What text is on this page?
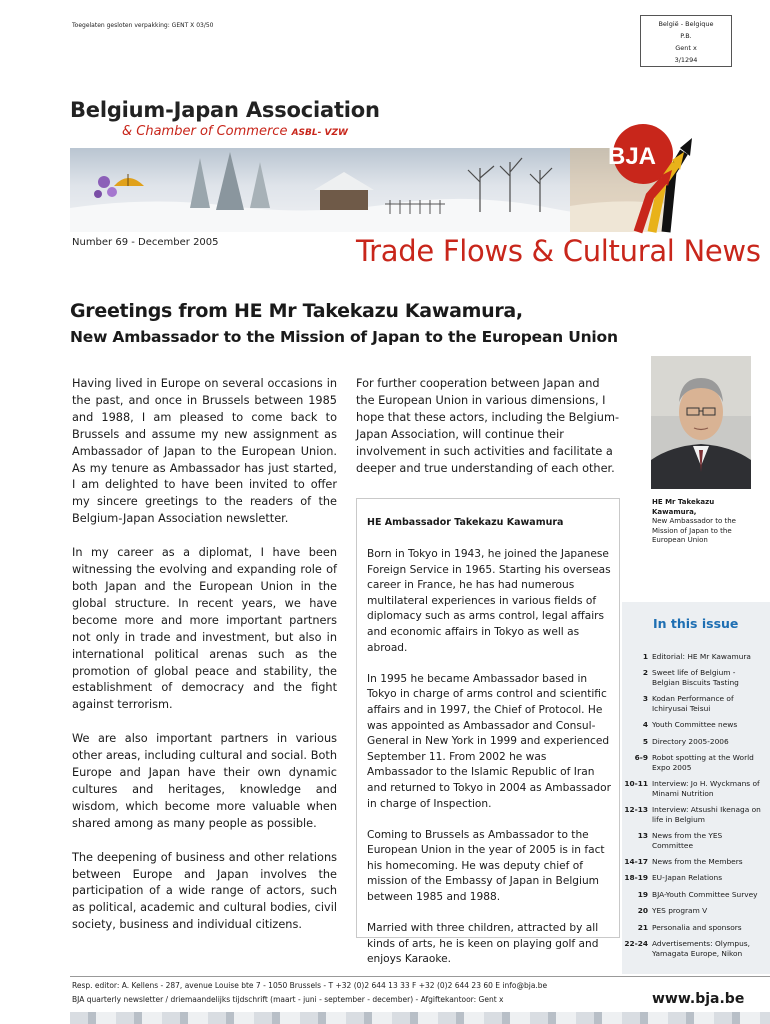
Toegelaten gesloten verpakking: GENT X 03/50	België - Belgique
P.B.
Gent x
3/1294
Belgium-Japan Association
& Chamber of Commerce ASBL- VZW
BJA
Number 69 - December 2005	Trade Flows & Cultural News
Greetings from HE Mr Takekazu Kawamura,
New Ambassador to the Mission of Japan to the European Union

Having lived in Europe on several occasions in the past, and once in Brussels between 1985 and 1988, I am pleased to come back to Brussels and assume my new assignment as Ambassador of Japan to the European Union. As my tenure as Ambassador has just started, I am delighted to have been invited to offer my sincere greetings to the readers of the Belgium-Japan Association newsletter.

In my career as a diplomat, I have been witnessing the evolving and expanding role of both Japan and the European Union in the global structure. In recent years, we have become more and more important partners not only in trade and investment, but also in international political arenas such as the promotion of global peace and stability, the establishment of democracy and the fight against terrorism.

We are also important partners in various other areas, including cultural and social. Both Europe and Japan have their own dynamic cultures and heritages, knowledge and wisdom, which become more valuable when shared among as many people as possible.

The deepening of business and other relations between Europe and Japan involves the participation of a wide range of actors, such as political, academic and cultural bodies, civil society, business and individual citizens.

For further cooperation between Japan and the European Union in various dimensions, I hope that these actors, including the Belgium-Japan Association, will continue their involvement in such activities and facilitate a deeper and true understanding of each other.
HE Ambassador Takekazu Kawamura

Born in Tokyo in 1943, he joined the Japanese Foreign Service in 1965. Starting his overseas career in France, he has had numerous multilateral experiences in various fields of diplomacy such as arms control, legal affairs and economic affairs in Tokyo as well as abroad.

In 1995 he became Ambassador based in Tokyo in charge of arms control and scientific affairs and in 1997, the Chief of Protocol. He was appointed as Ambassador and Consul-General in New York in 1999 and experienced September 11. From 2002 he was Ambassador to the Islamic Republic of Iran and returned to Tokyo in 2004 as Ambassador in charge of Inspection.

Coming to Brussels as Ambassador to the European Union in the year of 2005 is in fact his homecoming. He was deputy chief of mission of the Embassy of Japan in Belgium between 1985 and 1988.

Married with three children, attracted by all kinds of arts, he is keen on playing golf and enjoys Karaoke.

HE Mr Takekazu Kawamura,
New Ambassador to the Mission of Japan to the European Union
In this issue
1 Editorial: HE Mr Kawamura
2 Sweet life of Belgium - Belgian Biscuits Tasting
3 Kodan Performance of Ichiryusai Teisui
4 Youth Committee news
5 Directory 2005-2006
6-9 Robot spotting at the World Expo 2005
10-11 Interview: Jo H. Wyckmans of Minami Nutrition
12-13 Interview: Atsushi Ikenaga on life in Belgium
13 News from the YES Committee
14-17 News from the Members
18-19 EU-Japan Relations
19 BJA-Youth Committee Survey
20 YES program V
21 Personalia and sponsors
22-24 Advertisements: Olympus, Yamagata Europe, Nikon
Resp. editor: A. Kellens - 287, avenue Louise bte 7 - 1050 Brussels - T +32 (0)2 644 13 33 F +32 (0)2 644 23 60 E info@bja.be
BJA quarterly newsletter / driemaandelijks tijdschrift (maart - juni - september - december) - Afgiftekantoor: Gent x	www.bja.be
